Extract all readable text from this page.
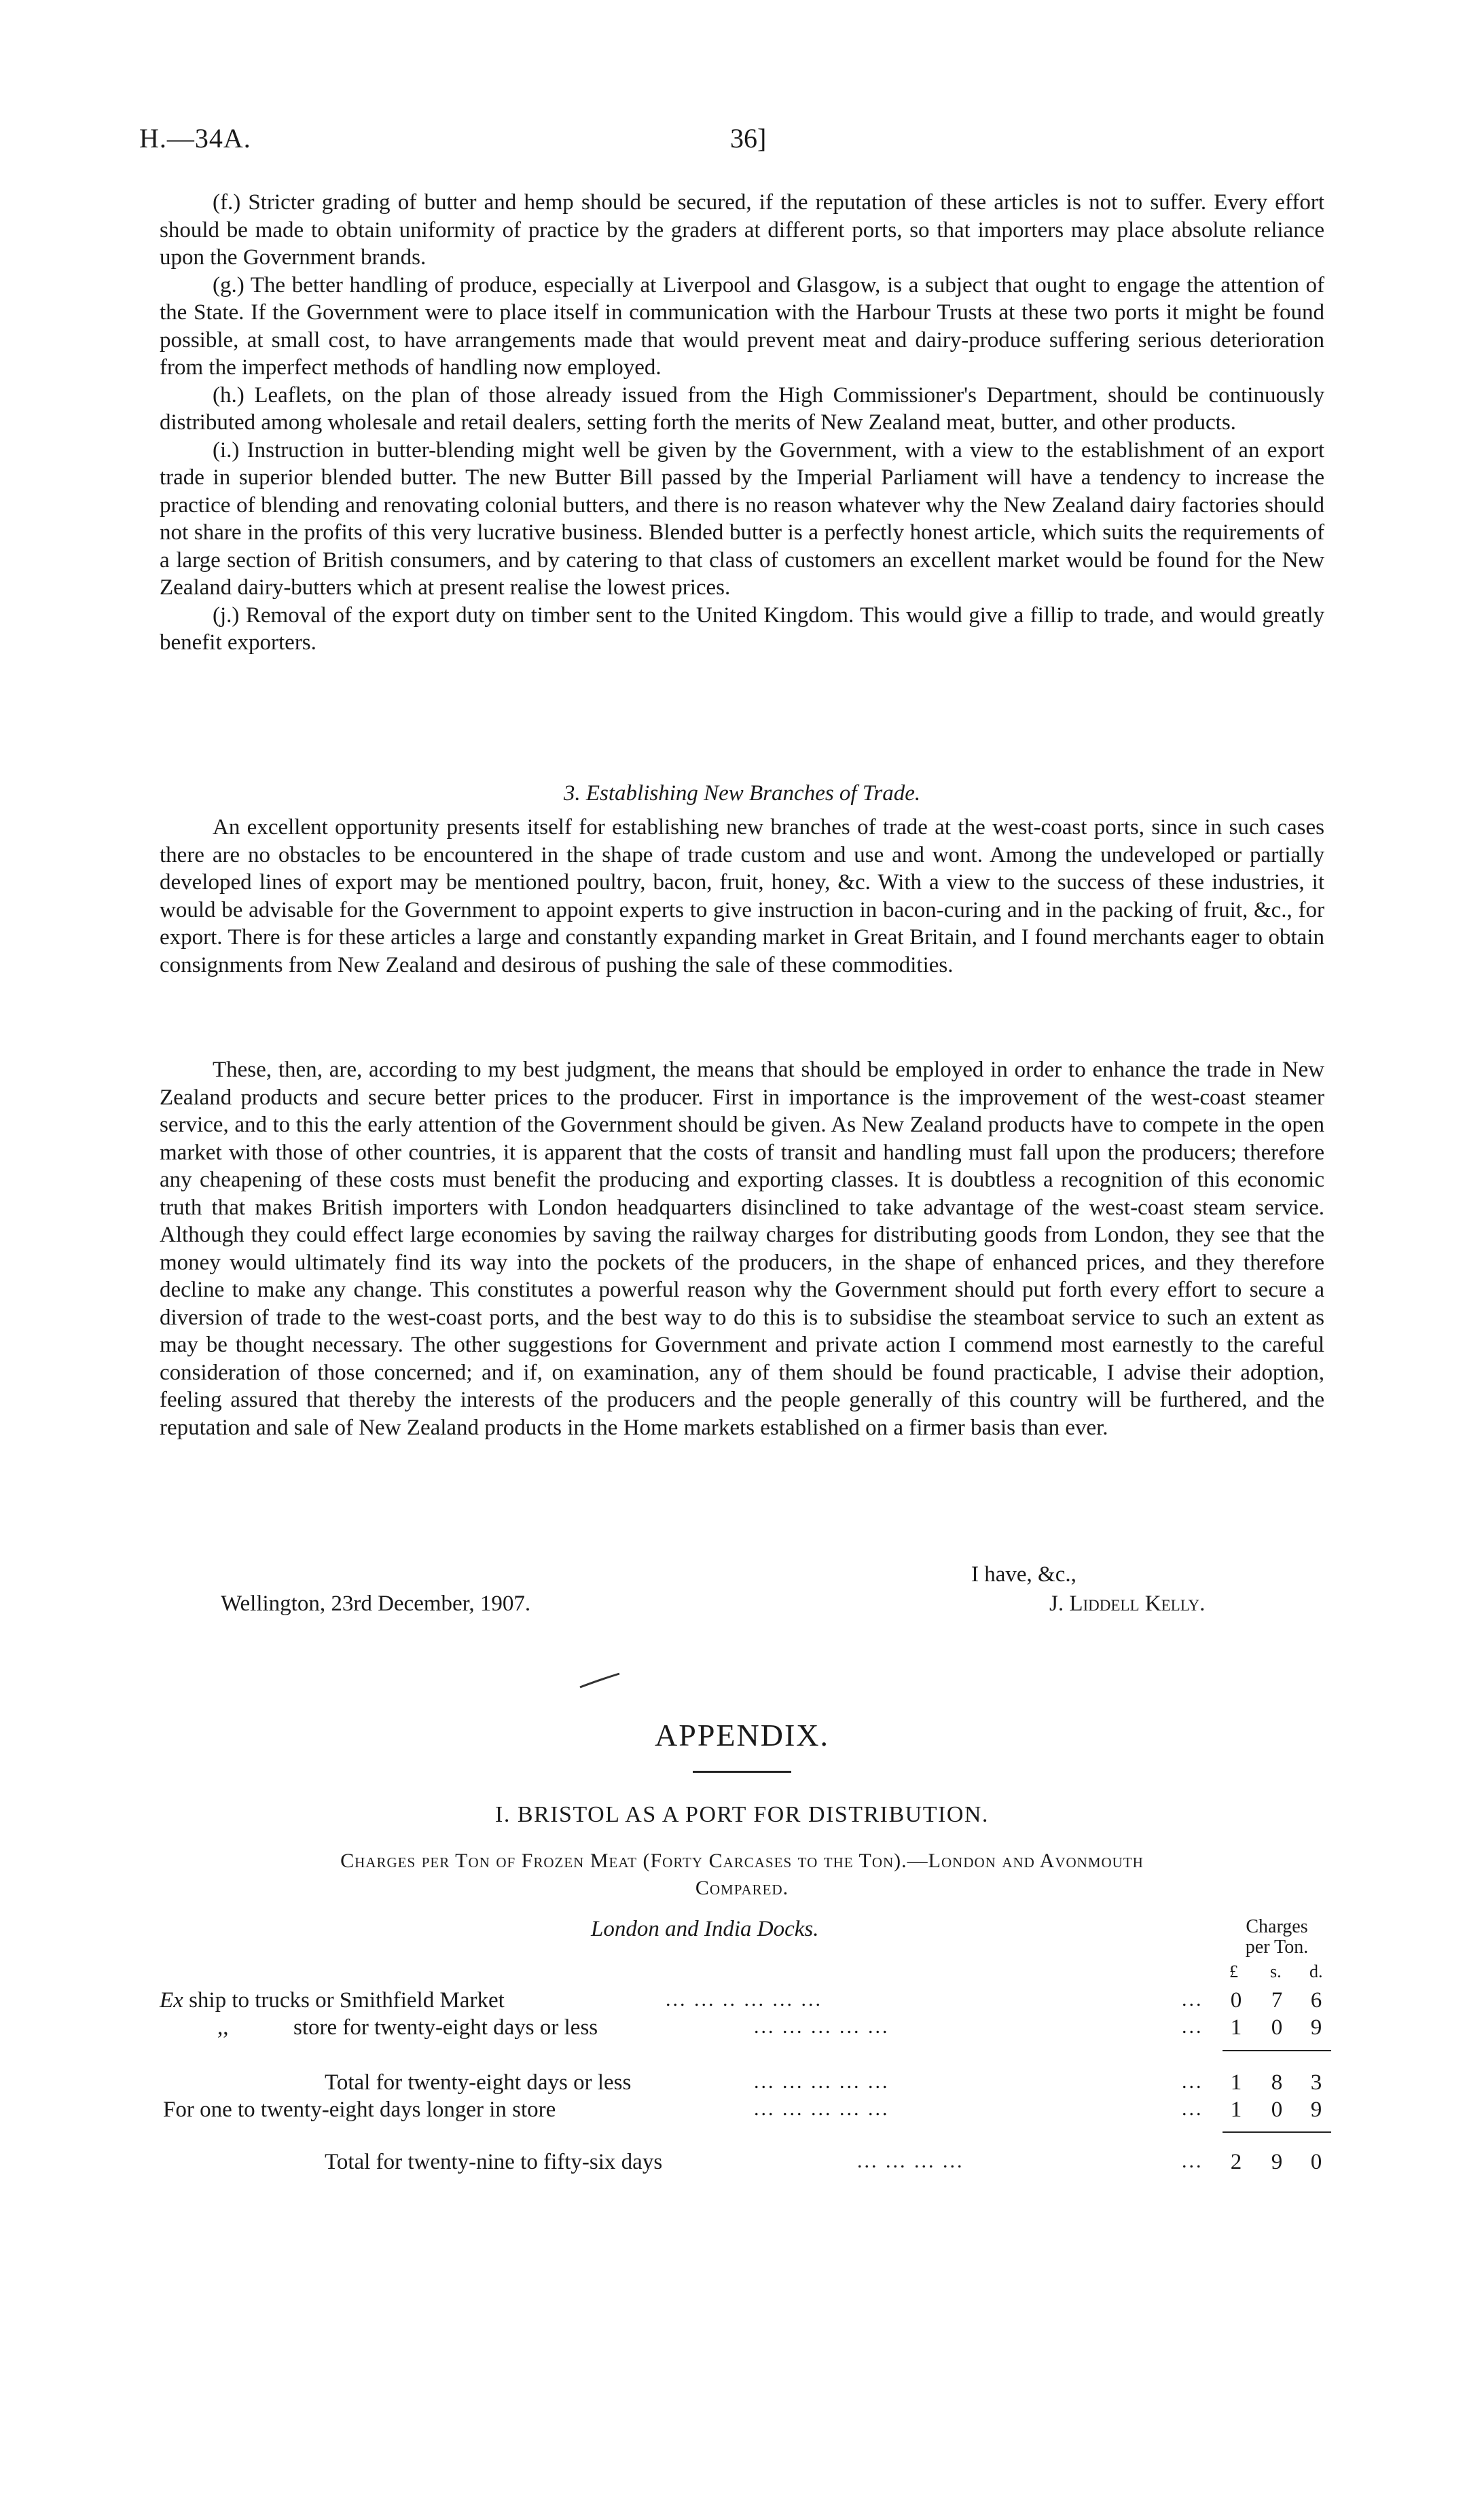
H.—34A.	36]

(f.) Stricter grading of butter and hemp should be secured, if the reputation of these articles is not to suffer. Every effort should be made to obtain uniformity of practice by the graders at different ports, so that importers may place absolute reliance upon the Government brands.

(g.) The better handling of produce, especially at Liverpool and Glasgow, is a subject that ought to engage the attention of the State. If the Government were to place itself in communication with the Harbour Trusts at these two ports it might be found possible, at small cost, to have arrangements made that would prevent meat and dairy-produce suffering serious deterioration from the imperfect methods of handling now employed.

(h.) Leaflets, on the plan of those already issued from the High Commissioner's Department, should be continuously distributed among wholesale and retail dealers, setting forth the merits of New Zealand meat, butter, and other products.

(i.) Instruction in butter-blending might well be given by the Government, with a view to the establishment of an export trade in superior blended butter. The new Butter Bill passed by the Imperial Parliament will have a tendency to increase the practice of blending and renovating colonial butters, and there is no reason whatever why the New Zealand dairy factories should not share in the profits of this very lucrative business. Blended butter is a perfectly honest article, which suits the requirements of a large section of British consumers, and by catering to that class of customers an excellent market would be found for the New Zealand dairy-butters which at present realise the lowest prices.

(j.) Removal of the export duty on timber sent to the United Kingdom. This would give a fillip to trade, and would greatly benefit exporters.

3. Establishing New Branches of Trade.

An excellent opportunity presents itself for establishing new branches of trade at the west-coast ports, since in such cases there are no obstacles to be encountered in the shape of trade custom and use and wont. Among the undeveloped or partially developed lines of export may be mentioned poultry, bacon, fruit, honey, &c. With a view to the success of these industries, it would be advisable for the Government to appoint experts to give instruction in bacon-curing and in the packing of fruit, &c., for export. There is for these articles a large and constantly expanding market in Great Britain, and I found merchants eager to obtain consignments from New Zealand and desirous of pushing the sale of these commodities.

These, then, are, according to my best judgment, the means that should be employed in order to enhance the trade in New Zealand products and secure better prices to the producer. First in importance is the improvement of the west-coast steamer service, and to this the early attention of the Government should be given. As New Zealand products have to compete in the open market with those of other countries, it is apparent that the costs of transit and handling must fall upon the producers; therefore any cheapening of these costs must benefit the producing and exporting classes. It is doubtless a recognition of this economic truth that makes British importers with London headquarters disinclined to take advantage of the west-coast steam service. Although they could effect large economies by saving the railway charges for distributing goods from London, they see that the money would ultimately find its way into the pockets of the producers, in the shape of enhanced prices, and they therefore decline to make any change. This constitutes a powerful reason why the Government should put forth every effort to secure a diversion of trade to the west-coast ports, and the best way to do this is to subsidise the steamboat service to such an extent as may be thought necessary. The other suggestions for Government and private action I commend most earnestly to the careful consideration of those concerned; and if, on examination, any of them should be found practicable, I advise their adoption, feeling assured that thereby the interests of the producers and the people generally of this country will be furthered, and the reputation and sale of New Zealand products in the Home markets established on a firmer basis than ever.

I have, &c.,
Wellington, 23rd December, 1907.	J. Liddell Kelly.
APPENDIX.
I. BRISTOL AS A PORT FOR DISTRIBUTION.
Charges per Ton of Frozen Meat (Forty Carcases to the Ton).—London and Avonmouth
Compared.
London and India Docks.	Charges
per Ton.
£ s. d.
Ex ship to trucks or Smithfield Market	... ... .. ... ... ...	...	0	7	6
,,	store for twenty-eight days or less	... ... ... ... ...	...	1	0	9
Total for twenty-eight days or less	... ... ... ... ...	...	1	8	3
For one to twenty-eight days longer in store	... ... ... ... ...	...	1	0	9
Total for twenty-nine to fifty-six days	... ... ... ...	...	2	9	0
